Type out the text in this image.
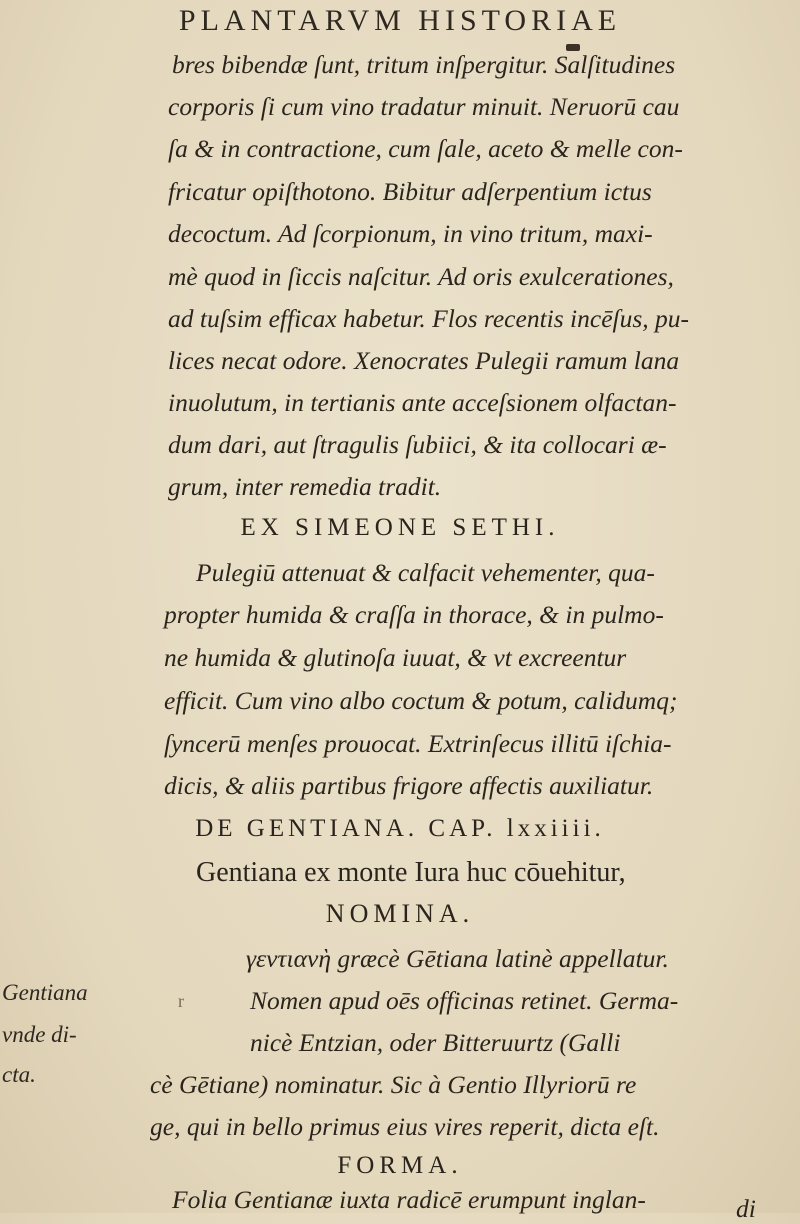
PLANTARVM HISTORIAE
bres bibendæ ſunt, tritum inſpergitur. Salſitudines
corporis ſi cum vino tradatur minuit. Neruorū cau
ſa & in contractione, cum ſale, aceto & melle con-
fricatur opiſthotono. Bibitur adſerpentium ictus
decoctum. Ad ſcorpionum, in vino tritum, maxi-
mè quod in ſiccis naſcitur. Ad oris exulcerationes,
ad tuſsim efficax habetur. Flos recentis incēſus, pu-
lices necat odore. Xenocrates Pulegii ramum lana
inuolutum, in tertianis ante acceſsionem olfactan-
dum dari, aut ſtragulis ſubiici, & ita collocari æ-
grum, inter remedia tradit.
EX SIMEONE SETHI.
Pulegiū attenuat & calfacit vehementer, qua-
propter humida & craſſa in thorace, & in pulmo-
ne humida & glutinoſa iuuat, & vt excreentur
efficit. Cum vino albo coctum & potum, calidumq;
ſyncerū menſes prouocat. Extrinſecus illitū iſchia-
dicis, & aliis partibus frigore affectis auxiliatur.
DE GENTIANA. CAP. lxxiiii.
Gentiana ex monte Iura huc cōuehitur,
NOMINA.
γεντιανὴ græcè Gētiana latinè appellatur.
r	Nomen apud oēs officinas retinet. Germa-
nicè Entzian, oder Bitteruurtz (Galli
cè Gētiane) nominatur. Sic à Gentio Illyriorū re
ge, qui in bello primus eius vires reperit, dicta eſt.
Gentiana
vnde di-
cta.
FORMA.
Folia Gentianæ iuxta radicē erumpunt inglan-	di
